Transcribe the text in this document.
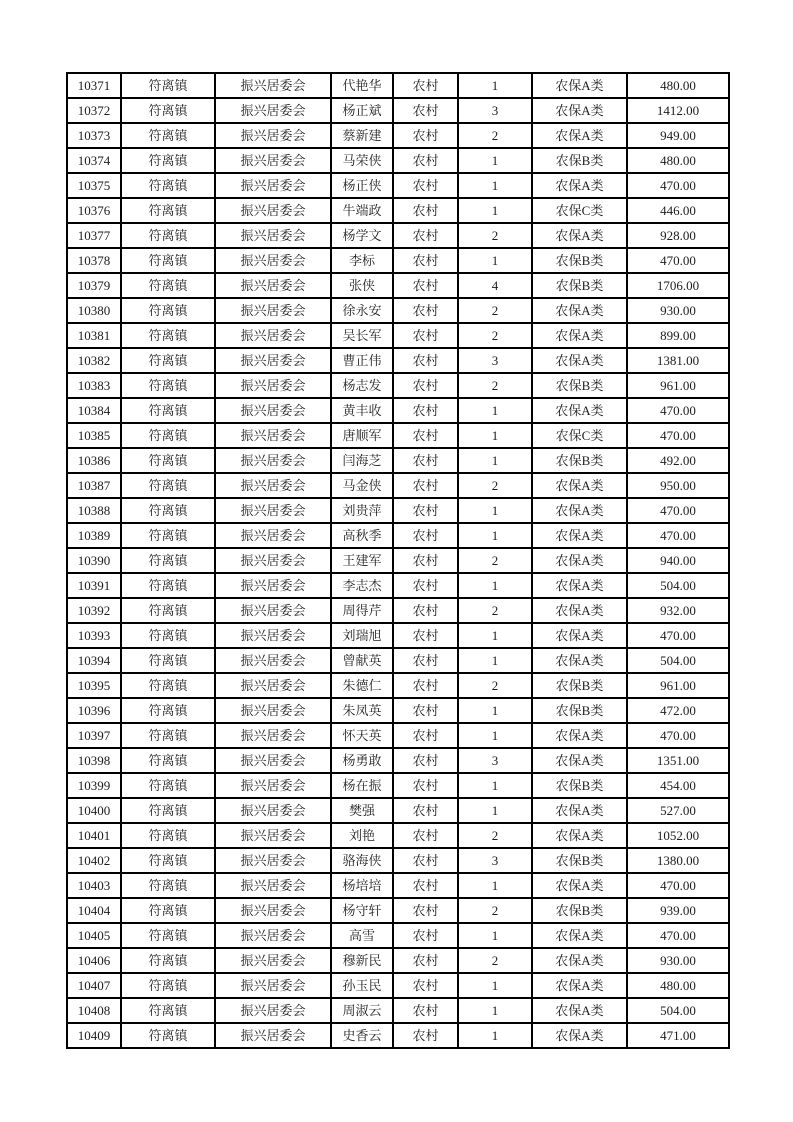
10371	符离镇	振兴居委会	代艳华	农村	1	农保A类	480.00
10372	符离镇	振兴居委会	杨正斌	农村	3	农保A类	1412.00
10373	符离镇	振兴居委会	蔡新建	农村	2	农保A类	949.00
10374	符离镇	振兴居委会	马荣侠	农村	1	农保B类	480.00
10375	符离镇	振兴居委会	杨正侠	农村	1	农保A类	470.00
10376	符离镇	振兴居委会	牛端政	农村	1	农保C类	446.00
10377	符离镇	振兴居委会	杨学文	农村	2	农保A类	928.00
10378	符离镇	振兴居委会	李标	农村	1	农保B类	470.00
10379	符离镇	振兴居委会	张侠	农村	4	农保B类	1706.00
10380	符离镇	振兴居委会	徐永安	农村	2	农保A类	930.00
10381	符离镇	振兴居委会	吴长军	农村	2	农保A类	899.00
10382	符离镇	振兴居委会	曹正伟	农村	3	农保A类	1381.00
10383	符离镇	振兴居委会	杨志发	农村	2	农保B类	961.00
10384	符离镇	振兴居委会	黄丰收	农村	1	农保A类	470.00
10385	符离镇	振兴居委会	唐顺军	农村	1	农保C类	470.00
10386	符离镇	振兴居委会	闫海芝	农村	1	农保B类	492.00
10387	符离镇	振兴居委会	马金侠	农村	2	农保A类	950.00
10388	符离镇	振兴居委会	刘贵萍	农村	1	农保A类	470.00
10389	符离镇	振兴居委会	高秋季	农村	1	农保A类	470.00
10390	符离镇	振兴居委会	王建军	农村	2	农保A类	940.00
10391	符离镇	振兴居委会	李志杰	农村	1	农保A类	504.00
10392	符离镇	振兴居委会	周得芹	农村	2	农保A类	932.00
10393	符离镇	振兴居委会	刘瑞旭	农村	1	农保A类	470.00
10394	符离镇	振兴居委会	曾献英	农村	1	农保A类	504.00
10395	符离镇	振兴居委会	朱德仁	农村	2	农保B类	961.00
10396	符离镇	振兴居委会	朱凤英	农村	1	农保B类	472.00
10397	符离镇	振兴居委会	怀天英	农村	1	农保A类	470.00
10398	符离镇	振兴居委会	杨勇敢	农村	3	农保A类	1351.00
10399	符离镇	振兴居委会	杨在振	农村	1	农保B类	454.00
10400	符离镇	振兴居委会	樊强	农村	1	农保A类	527.00
10401	符离镇	振兴居委会	刘艳	农村	2	农保A类	1052.00
10402	符离镇	振兴居委会	骆海侠	农村	3	农保B类	1380.00
10403	符离镇	振兴居委会	杨培培	农村	1	农保A类	470.00
10404	符离镇	振兴居委会	杨守轩	农村	2	农保B类	939.00
10405	符离镇	振兴居委会	高雪	农村	1	农保A类	470.00
10406	符离镇	振兴居委会	穆新民	农村	2	农保A类	930.00
10407	符离镇	振兴居委会	孙玉民	农村	1	农保A类	480.00
10408	符离镇	振兴居委会	周淑云	农村	1	农保A类	504.00
10409	符离镇	振兴居委会	史香云	农村	1	农保A类	471.00
